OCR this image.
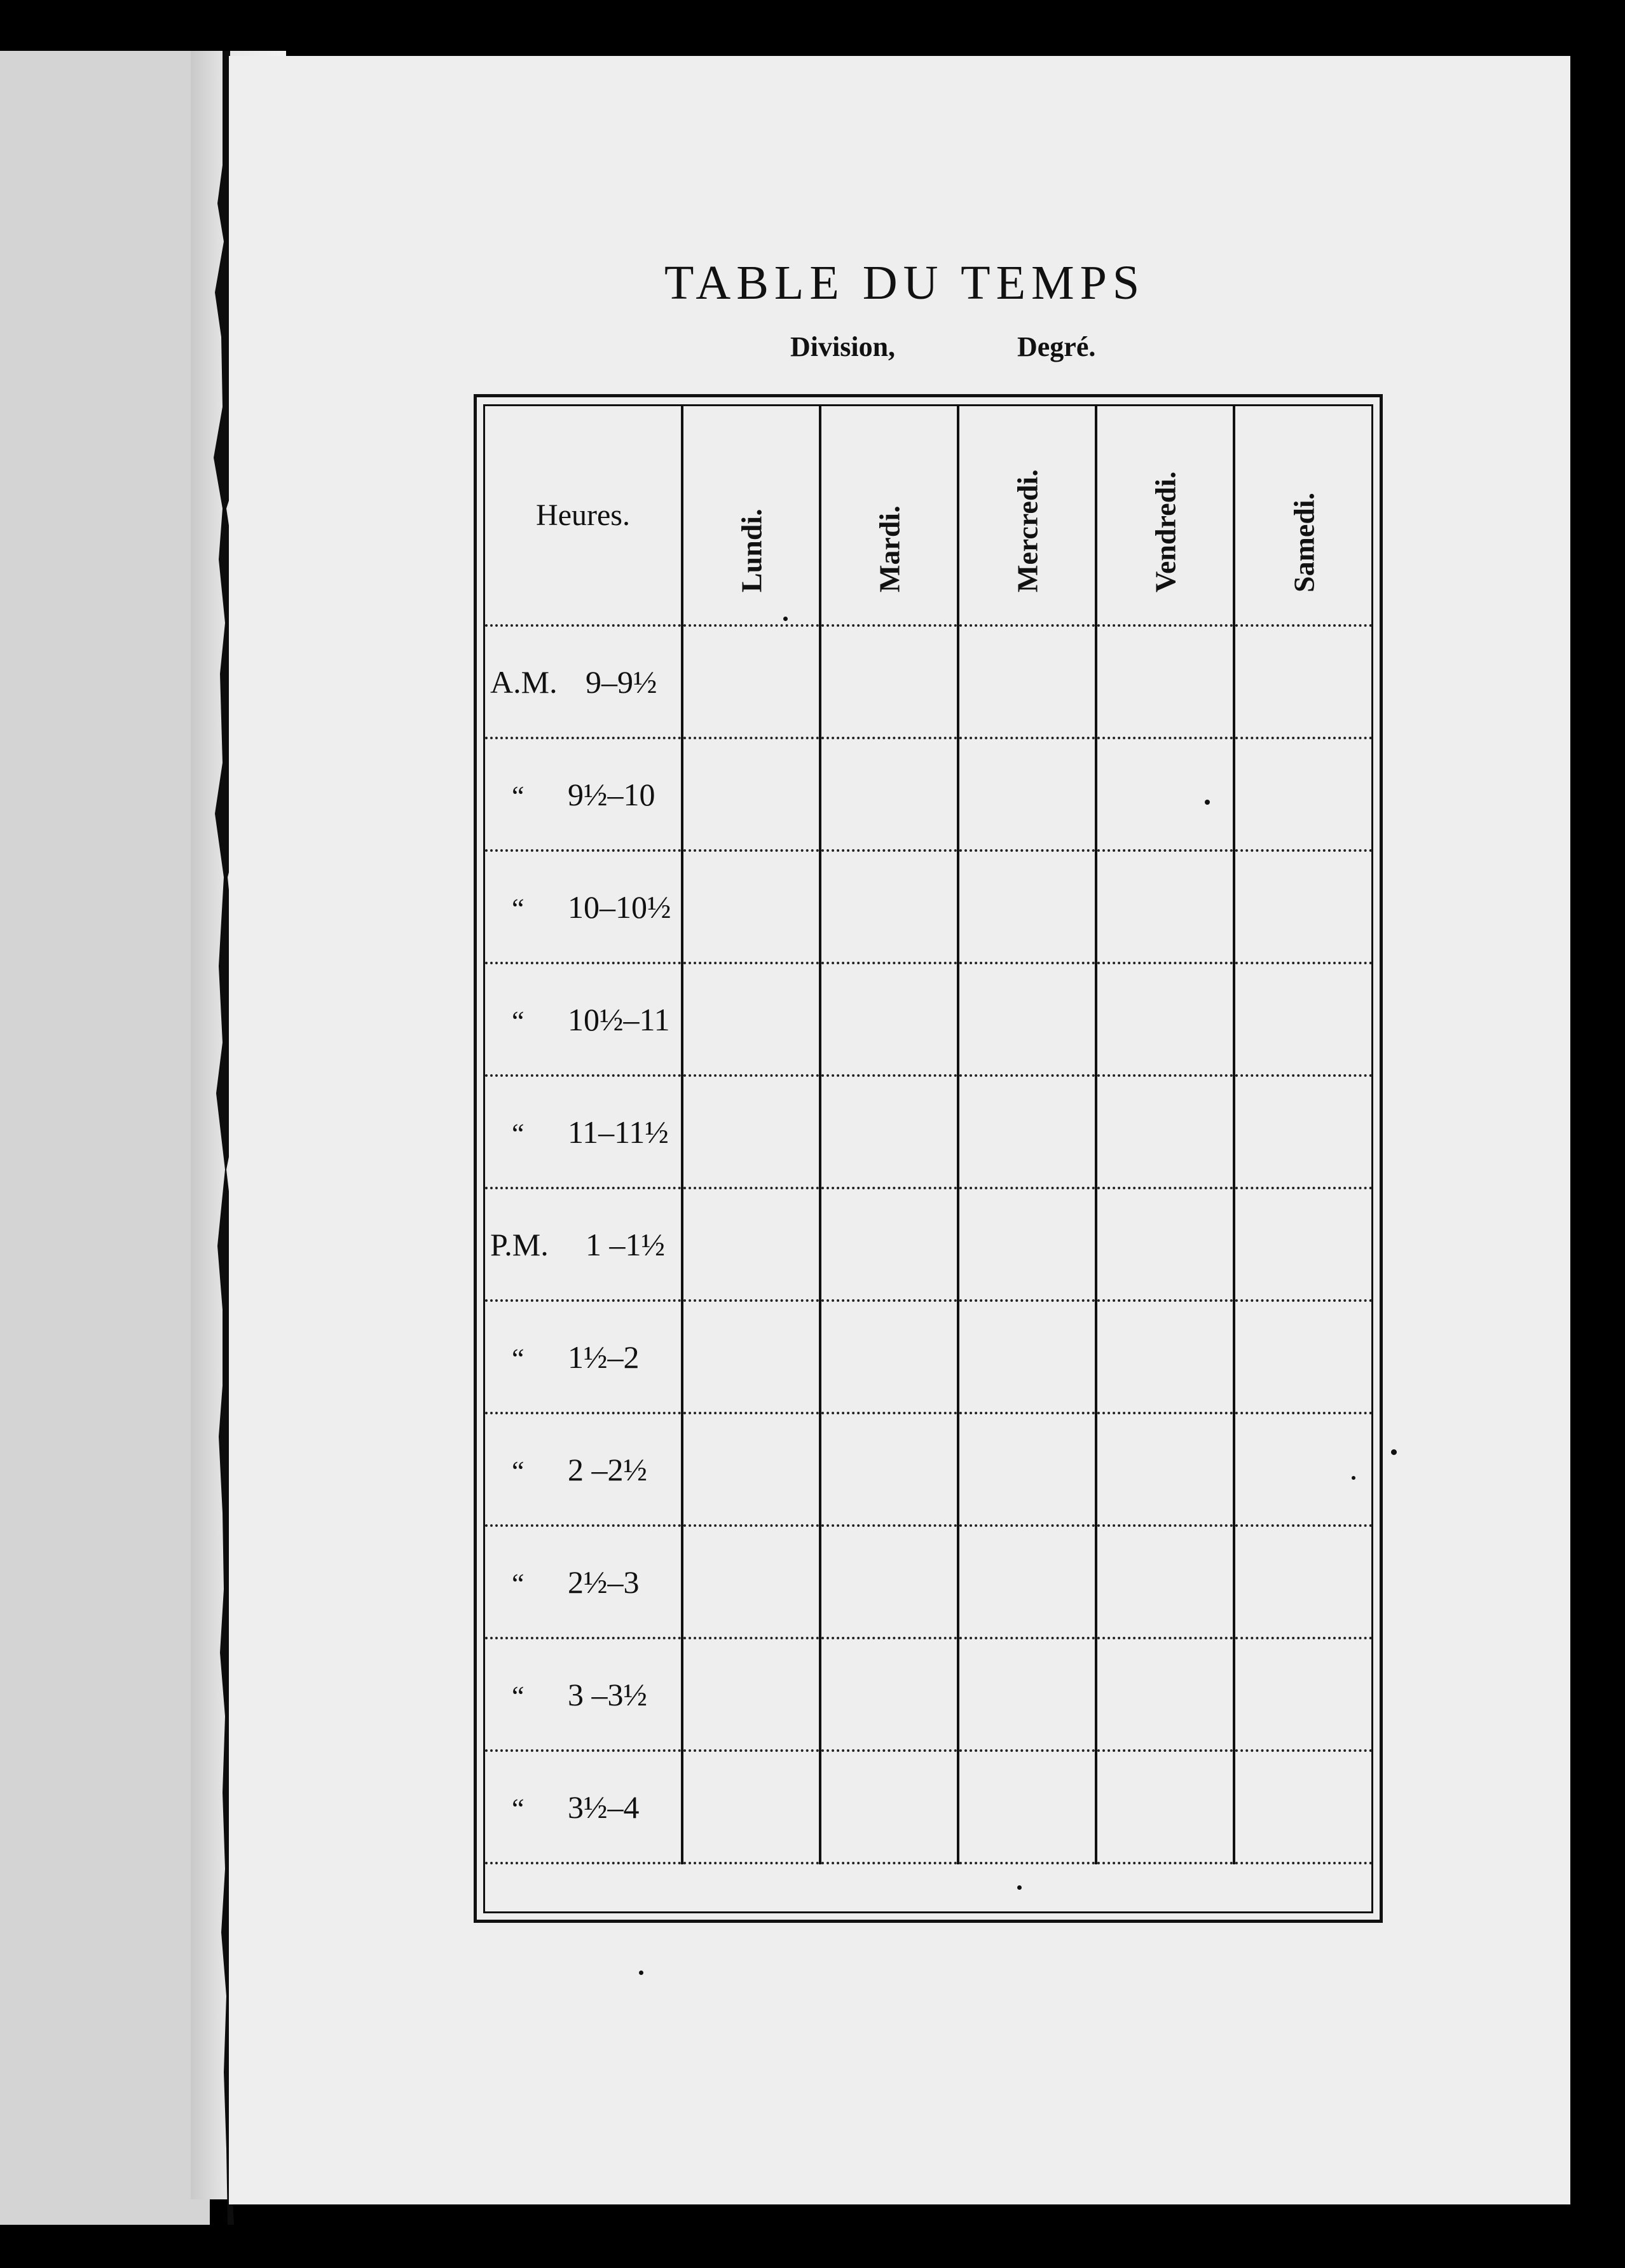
TABLE DU TEMPS
Division,	Degré.
Heures.	Lundi.	Mardi.	Mercredi.	Vendredi.	Samedi.

A.M. 9–9½					
“ 9½–10					
“ 10–10½					
“ 10½–11					
“ 11–11½					
P.M. 1 –1½					
“ 1½–2					
“ 2 –2½					
“ 2½–3					
“ 3 –3½					
“ 3½–4					
